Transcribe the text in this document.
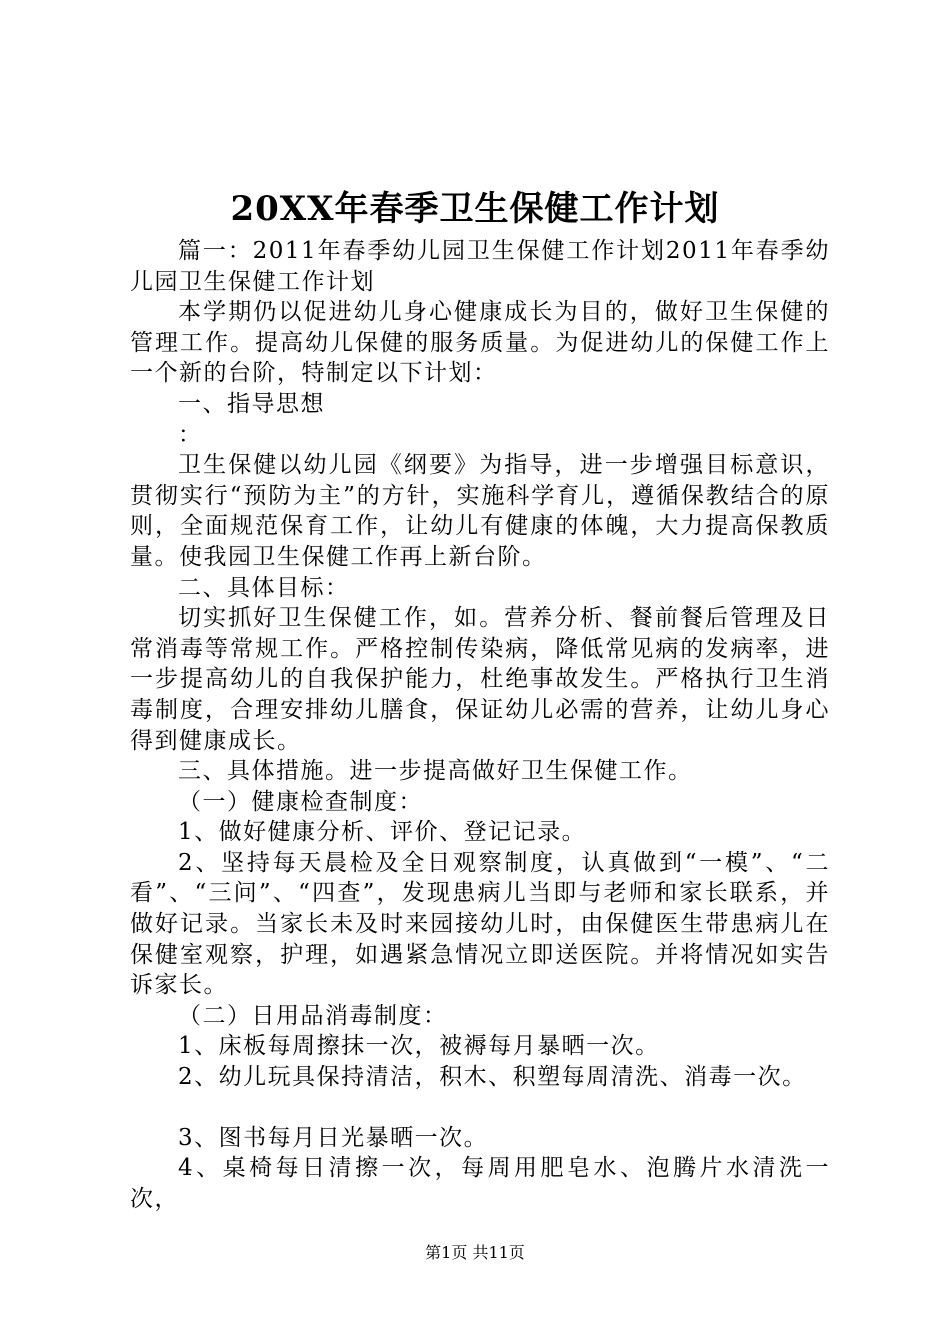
20XX年春季卫生保健工作计划

篇一：2011年春季幼儿园卫生保健工作计划2011年春季幼儿园卫生保健工作计划

本学期仍以促进幼儿身心健康成长为目的，做好卫生保健的管理工作。提高幼儿保健的服务质量。为促进幼儿的保健工作上一个新的台阶，特制定以下计划：

一、指导思想

：

卫生保健以幼儿园《纲要》为指导，进一步增强目标意识，贯彻实行“预防为主”的方针，实施科学育儿，遵循保教结合的原则，全面规范保育工作，让幼儿有健康的体魄，大力提高保教质量。使我园卫生保健工作再上新台阶。

二、具体目标：

切实抓好卫生保健工作，如。营养分析、餐前餐后管理及日常消毒等常规工作。严格控制传染病，降低常见病的发病率，进一步提高幼儿的自我保护能力，杜绝事故发生。严格执行卫生消毒制度，合理安排幼儿膳食，保证幼儿必需的营养，让幼儿身心得到健康成长。

三、具体措施。进一步提高做好卫生保健工作。

（一）健康检查制度：

1、做好健康分析、评价、登记记录。

2、坚持每天晨检及全日观察制度，认真做到“一模”、“二看”、“三问”、“四查”，发现患病儿当即与老师和家长联系，并做好记录。当家长未及时来园接幼儿时，由保健医生带患病儿在保健室观察，护理，如遇紧急情况立即送医院。并将情况如实告诉家长。

（二）日用品消毒制度：

1、床板每周擦抹一次，被褥每月暴晒一次。

2、幼儿玩具保持清洁，积木、积塑每周清洗、消毒一次。

3、图书每月日光暴晒一次。

4、桌椅每日清擦一次，每周用肥皂水、泡腾片水清洗一次，

第1页 共11页
